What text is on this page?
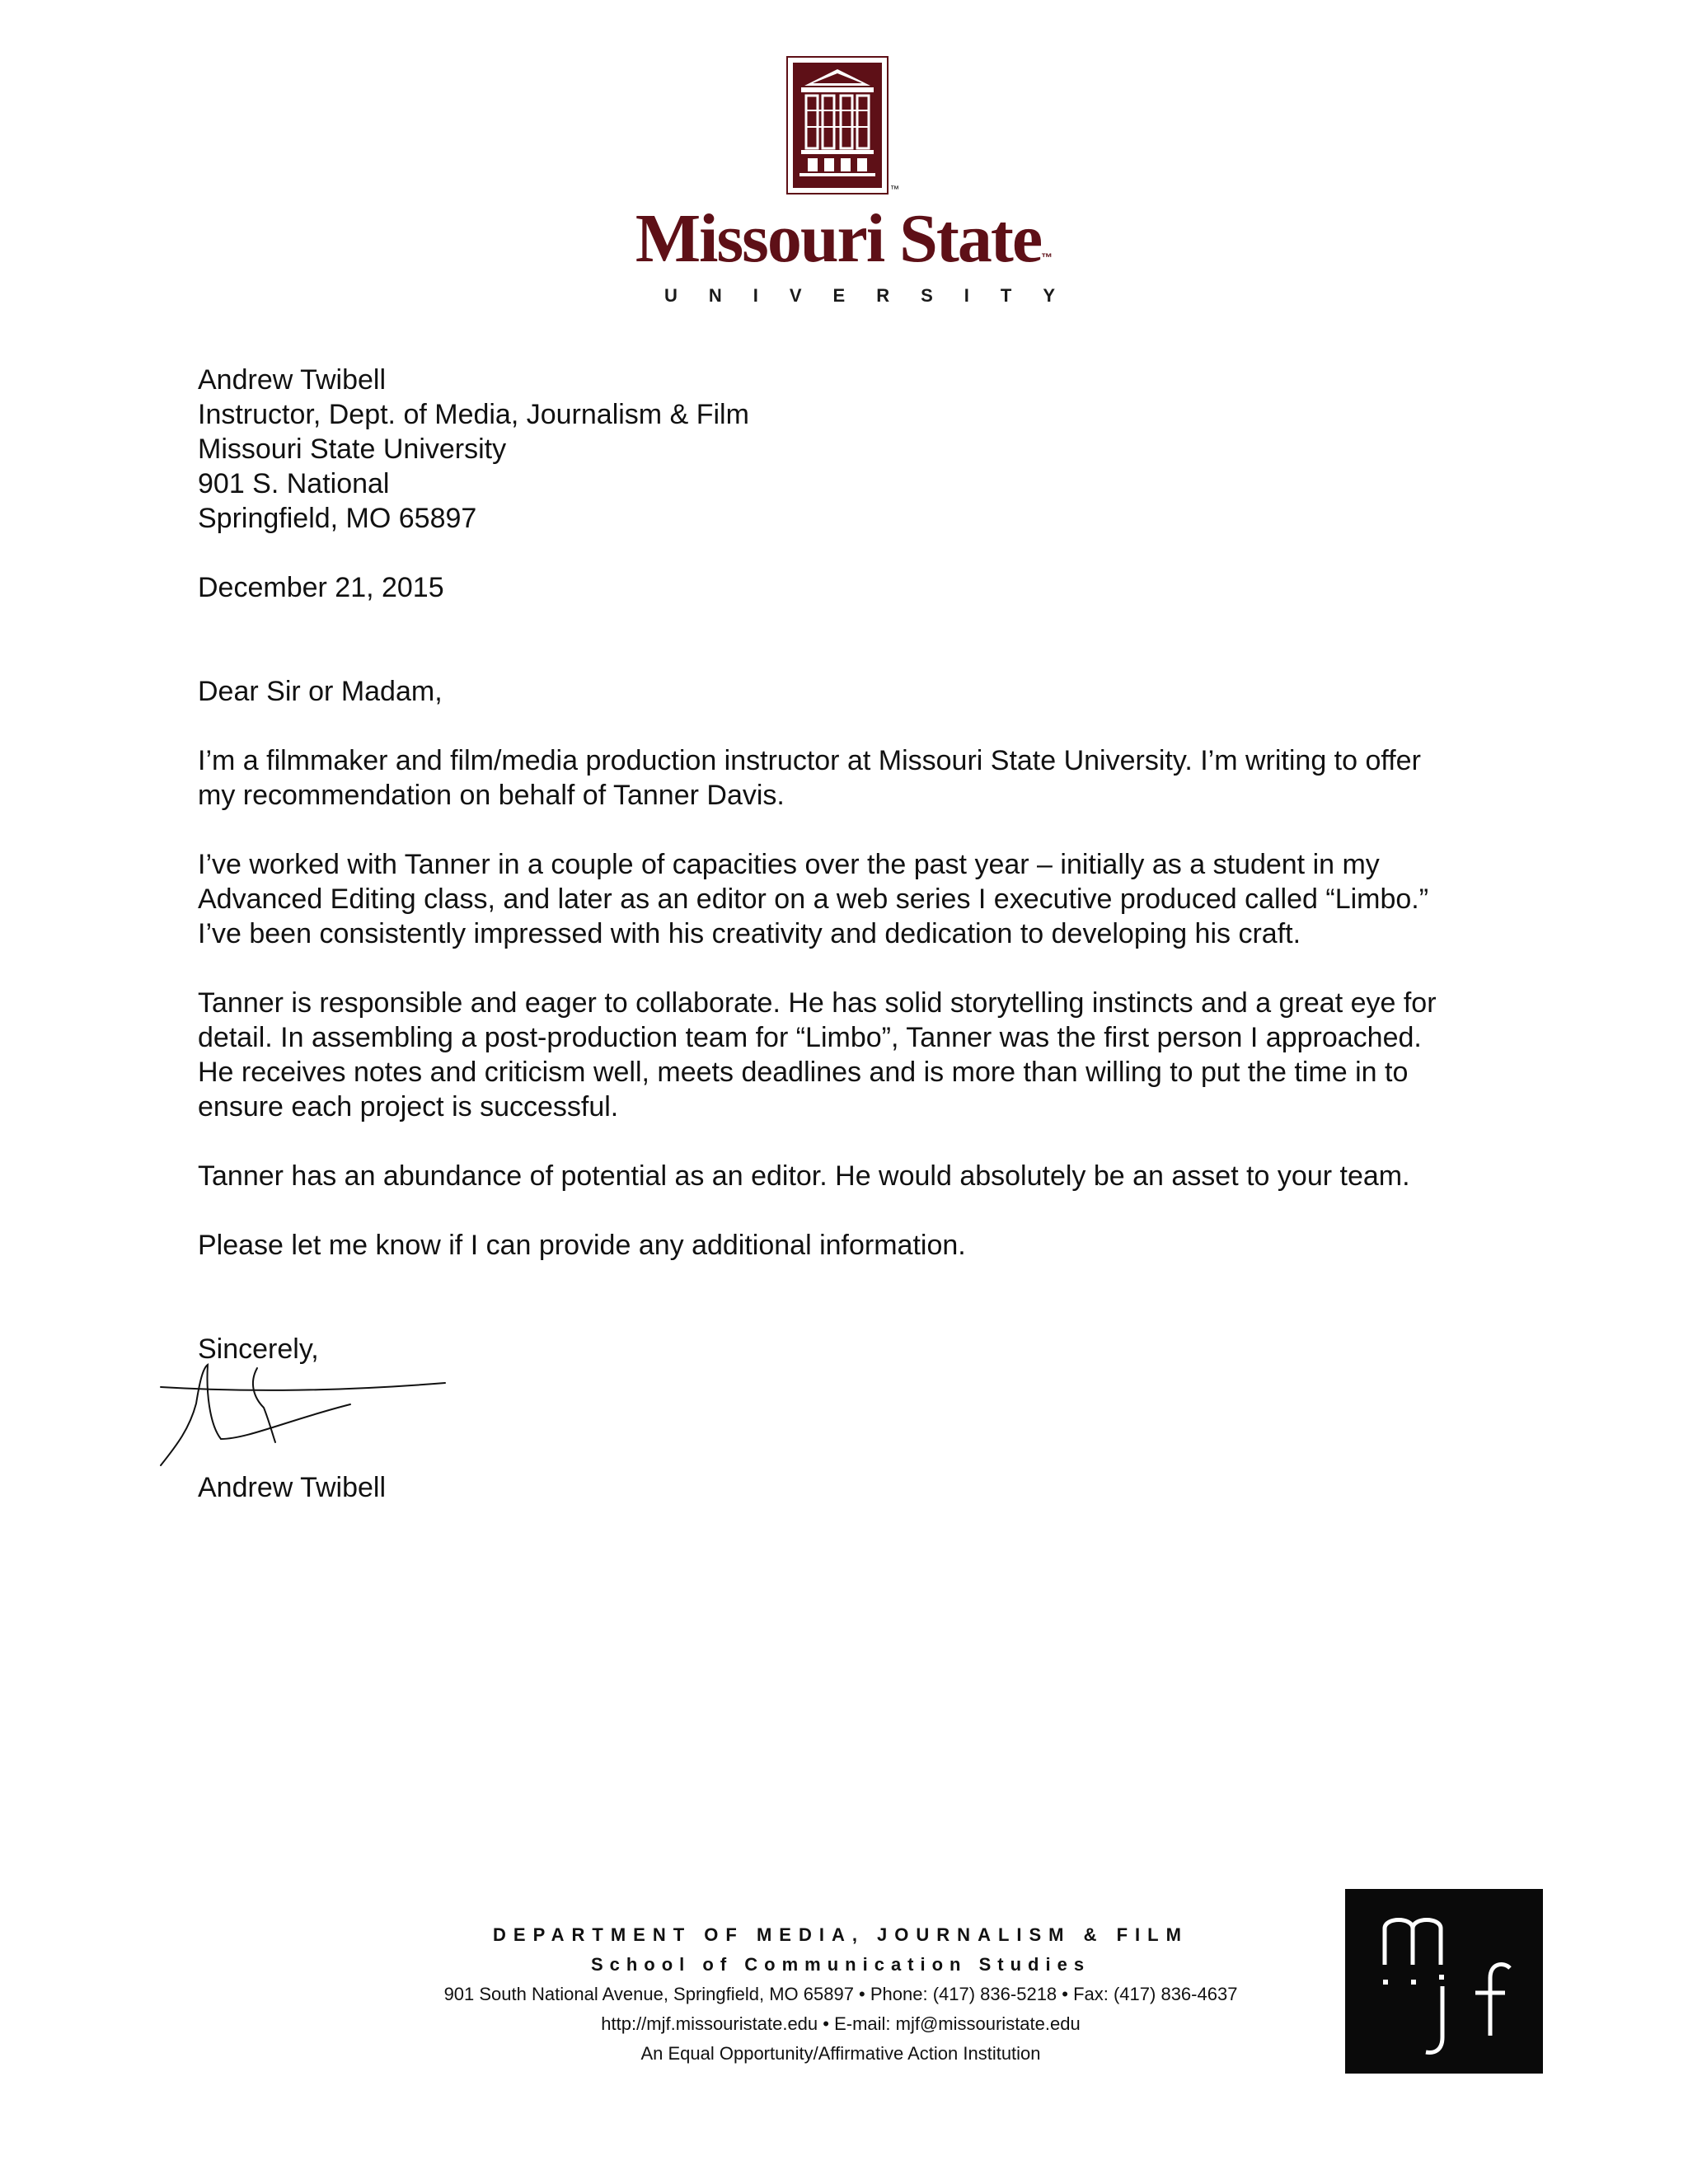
™
Missouri State™
UNIVERSITY
Andrew Twibell
Instructor, Dept. of Media, Journalism & Film
Missouri State University
901 S. National
Springfield, MO 65897
December 21, 2015
Dear Sir or Madam,
I’m a filmmaker and film/media production instructor at Missouri State University. I’m writing to offer
my recommendation on behalf of Tanner Davis.
I’ve worked with Tanner in a couple of capacities over the past year – initially as a student in my
Advanced Editing class, and later as an editor on a web series I executive produced called “Limbo.”
I’ve been consistently impressed with his creativity and dedication to developing his craft.
Tanner is responsible and eager to collaborate. He has solid storytelling instincts and a great eye for
detail. In assembling a post-production team for “Limbo”, Tanner was the first person I approached.
He receives notes and criticism well, meets deadlines and is more than willing to put the time in to
ensure each project is successful.
Tanner has an abundance of potential as an editor. He would absolutely be an asset to your team.
Please let me know if I can provide any additional information.
Sincerely,
Andrew Twibell
DEPARTMENT OF MEDIA, JOURNALISM & FILM
School of Communication Studies
901 South National Avenue, Springfield, MO 65897 • Phone: (417) 836-5218 • Fax: (417) 836-4637
http://mjf.missouristate.edu • E-mail: mjf@missouristate.edu
An Equal Opportunity/Affirmative Action Institution
